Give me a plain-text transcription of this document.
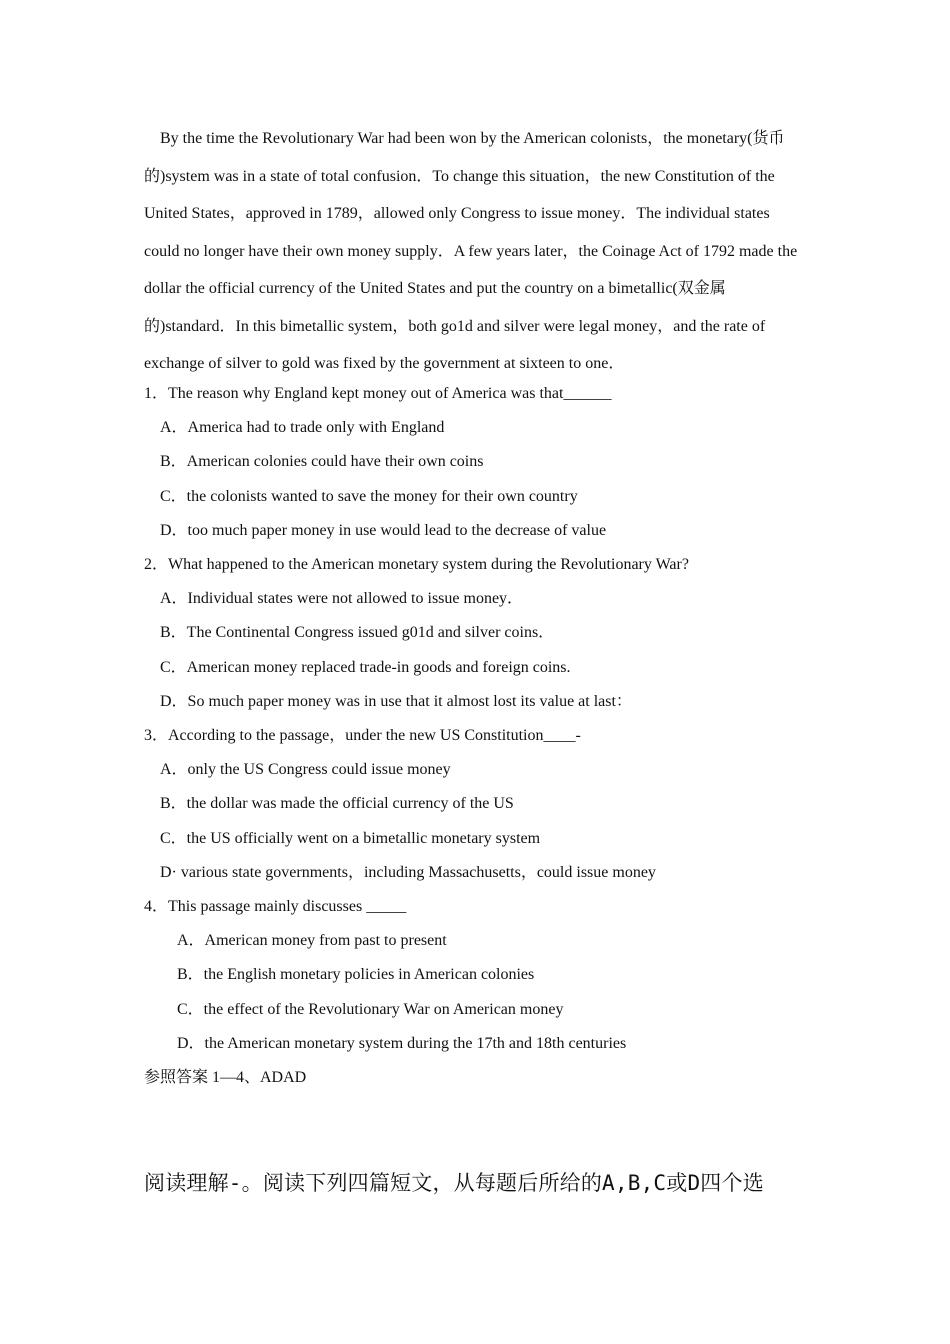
By the time the Revolutionary War had been won by the American colonists，the monetary(货币的)system was in a state of total confusion．To change this situation，the new Constitution of the United States，approved in 1789，allowed only Congress to issue money．The individual states could no longer have their own money supply．A few years later，the Coinage Act of 1792 made the dollar the official currency of the United States and put the country on a bimetallic(双金属的)standard．In this bimetallic system，both go1d and silver were legal money，and the rate of exchange of silver to gold was fixed by the government at sixteen to one．

1．The reason why England kept money out of America was that______
A．America had to trade only with England
B．American colonies could have their own coins
C．the colonists wanted to save the money for their own country
D．too much paper money in use would lead to the decrease of value
2．What happened to the American monetary system during the Revolutionary War?
A．Individual states were not allowed to issue money．
B．The Continental Congress issued g01d and silver coins．
C．American money replaced trade-in goods and foreign coins.
D．So much paper money was in use that it almost lost its value at last：
3．According to the passage，under the new US Constitution____-
A．only the US Congress could issue money
B．the dollar was made the official currency of the US
C．the US officially went on a bimetallic monetary system
D· various state governments，including Massachusetts，could issue money
4．This passage mainly discusses _____
A．American money from past to present
B．the English monetary policies in American colonies
C．the effect of the Revolutionary War on American money
D．the American monetary system during the 17th and 18th centuries
参照答案 1—4、ADAD
阅读理解-。阅读下列四篇短文，从每题后所给的A,B,C或D四个选
